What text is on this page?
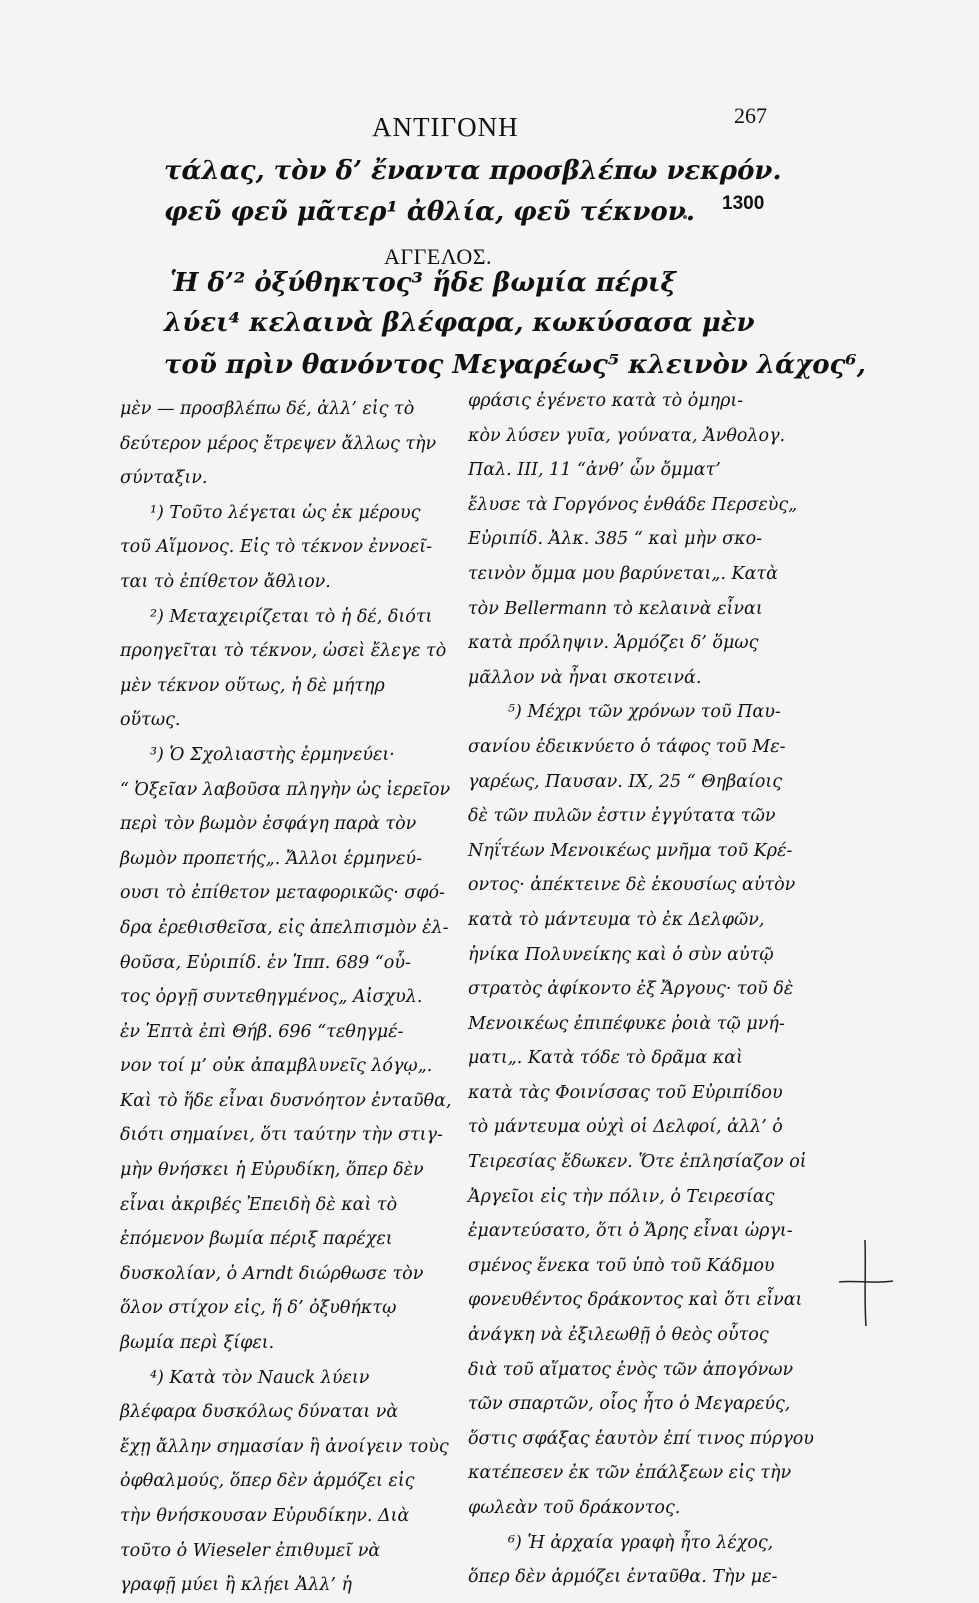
ΑΝΤΙΓΟΝΗ	267
1300
τάλας, τὸν δ’ ἔναντα προσβλέπω νεκρόν.
φεῦ φεῦ μᾶτερ¹ ἀθλία, φεῦ τέκνον.
ΑΓΓΕΛΟΣ.
Ἡ δ’² ὀξύθηκτος³ ἥδε βωμία πέριξ
λύει⁴ κελαινὰ βλέφαρα, κωκύσασα μὲν
τοῦ πρὶν θανόντος Μεγαρέως⁵ κλεινὸν λάχος⁶,
μὲν — προσβλέπω δέ, ἀλλ’ εἰς τὸ
δεύτερον μέρος ἔτρεψεν ἄλλως τὴν
σύνταξιν.
¹) Τοῦτο λέγεται ὡς ἐκ μέρους
τοῦ Αἵμονος. Εἰς τὸ τέκνον ἐννοεῖ-
ται τὸ ἐπίθετον ἄθλιον.
²) Μεταχειρίζεται τὸ ἡ δέ, διότι
προηγεῖται τὸ τέκνον, ὡσεὶ ἔλεγε τὸ
μὲν τέκνον οὕτως, ἡ δὲ μήτηρ
οὕτως.
³) Ὁ Σχολιαστὴς ἑρμηνεύει·
“ Ὀξεῖαν λαβοῦσα πληγὴν ὡς ἱερεῖον
περὶ τὸν βωμὸν ἐσφάγη παρὰ τὸν
βωμὸν προπετής„. Ἄλλοι ἑρμηνεύ-
ουσι τὸ ἐπίθετον μεταφορικῶς· σφό-
δρα ἐρεθισθεῖσα, εἰς ἀπελπισμὸν ἐλ-
θοῦσα, Εὐριπίδ. ἐν Ἱππ. 689 “οὗ-
τος ὀργῇ συντεθηγμένος„ Αἰσχυλ.
ἐν Ἑπτὰ ἐπὶ Θήβ. 696 “τεθηγμέ-
νον τοί μ’ οὐκ ἀπαμβλυνεῖς λόγῳ„.
Καὶ τὸ ἥδε εἶναι δυσνόητον ἐνταῦθα,
διότι σημαίνει, ὅτι ταύτην τὴν στιγ-
μὴν θνήσκει ἡ Εὐρυδίκη, ὅπερ δὲν
εἶναι ἀκριβές Ἐπειδὴ δὲ καὶ τὸ
ἑπόμενον βωμία πέριξ παρέχει
δυσκολίαν, ὁ Arndt διώρθωσε τὸν
ὅλον στίχον εἰς, ἥ δ’ ὀξυθήκτῳ
βωμία περὶ ξίφει.
⁴) Κατὰ τὸν Nauck λύειν
βλέφαρα δυσκόλως δύναται νὰ
ἔχῃ ἄλλην σημασίαν ἢ ἀνοίγειν τοὺς
ὀφθαλμούς, ὅπερ δὲν ἁρμόζει εἰς
τὴν θνήσκουσαν Εὐρυδίκην. Διὰ
τοῦτο ὁ Wieseler ἐπιθυμεῖ νὰ
γραφῇ μύει ἢ κλῄει Ἀλλ’ ἡ
φράσις ἐγένετο κατὰ τὸ ὁμηρι-
κὸν λύσεν γυῖα, γούνατα, Ἀνθολογ.
Παλ. III, 11 “ἀνθ’ ὧν ὄμματ’
ἔλυσε τὰ Γοργόνος ἐνθάδε Περσεὺς„
Εὐριπίδ. Ἀλκ. 385 “ καὶ μὴν σκο-
τεινὸν ὄμμα μου βαρύνεται„. Κατὰ
τὸν Bellermann τὸ κελαινὰ εἶναι
κατὰ πρόληψιν. Ἁρμόζει δ’ ὅμως
μᾶλλον νὰ ἦναι σκοτεινά.
⁵) Μέχρι τῶν χρόνων τοῦ Παυ-
σανίου ἐδεικνύετο ὁ τάφος τοῦ Με-
γαρέως, Παυσαν. IX, 25 “ Θηβαίοις
δὲ τῶν πυλῶν ἐστιν ἐγγύτατα τῶν
Νηΐτέων Μενοικέως μνῆμα τοῦ Κρέ-
οντος· ἀπέκτεινε δὲ ἑκουσίως αὑτὸν
κατὰ τὸ μάντευμα τὸ ἐκ Δελφῶν,
ἡνίκα Πολυνείκης καὶ ὁ σὺν αὐτῷ
στρατὸς ἀφίκοντο ἐξ Ἄργους· τοῦ δὲ
Μενοικέως ἐπιπέφυκε ῥοιὰ τῷ μνή-
ματι„. Κατὰ τόδε τὸ δρᾶμα καὶ
κατὰ τὰς Φοινίσσας τοῦ Εὐριπίδου
τὸ μάντευμα οὐχὶ οἱ Δελφοί, ἀλλ’ ὁ
Τειρεσίας ἔδωκεν. Ὅτε ἐπλησίαζον οἱ
Ἀργεῖοι εἰς τὴν πόλιν, ὁ Τειρεσίας
ἐμαντεύσατο, ὅτι ὁ Ἄρης εἶναι ὠργι-
σμένος ἕνεκα τοῦ ὑπὸ τοῦ Κάδμου
φονευθέντος δράκοντος καὶ ὅτι εἶναι
ἀνάγκη νὰ ἐξιλεωθῇ ὁ θεὸς οὗτος
διὰ τοῦ αἵματος ἑνὸς τῶν ἀπογόνων
τῶν σπαρτῶν, οἷος ἦτο ὁ Μεγαρεύς,
ὅστις σφάξας ἑαυτὸν ἐπί τινος πύργου
κατέπεσεν ἐκ τῶν ἐπάλξεων εἰς τὴν
φωλεὰν τοῦ δράκοντος.
⁶) Ἡ ἀρχαία γραφὴ ἦτο λέχος,
ὅπερ δὲν ἁρμόζει ἐνταῦθα. Τὴν με-
